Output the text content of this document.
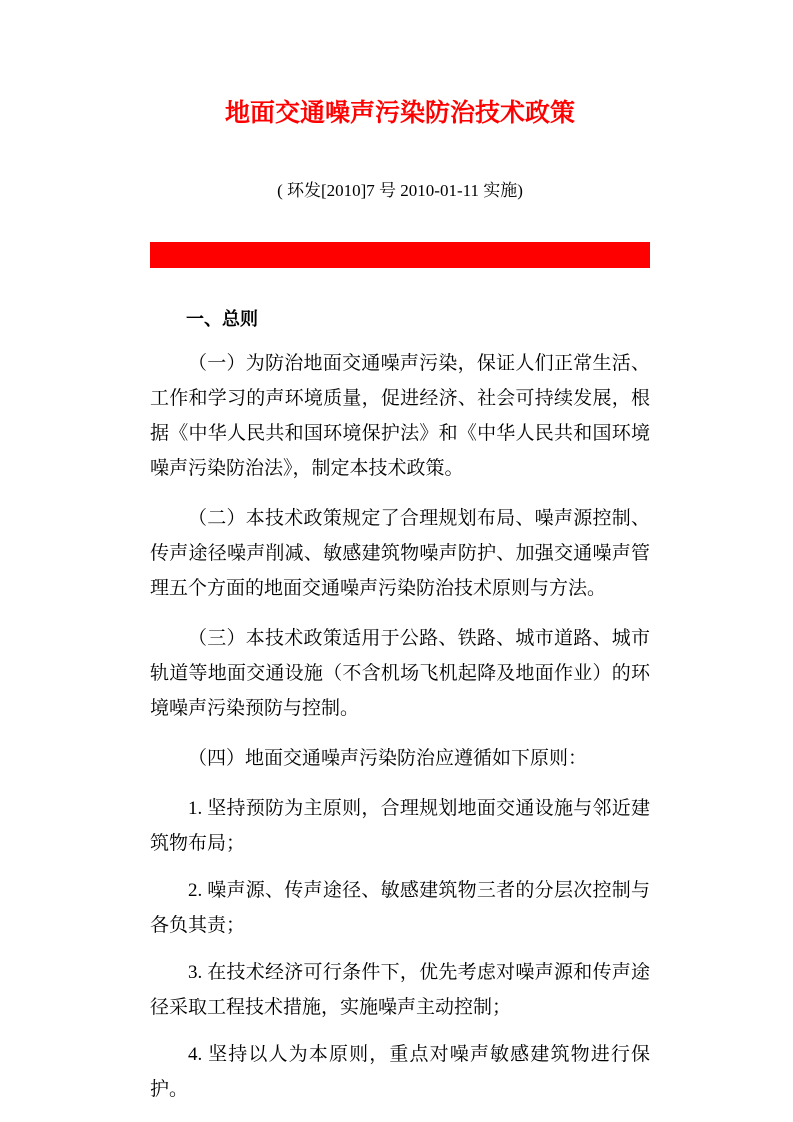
地面交通噪声污染防治技术政策
( 环发[2010]7 号 2010-01-11 实施)
一、总则

（一）为防治地面交通噪声污染，保证人们正常生活、工作和学习的声环境质量，促进经济、社会可持续发展，根据《中华人民共和国环境保护法》和《中华人民共和国环境噪声污染防治法》，制定本技术政策。

（二）本技术政策规定了合理规划布局、噪声源控制、传声途径噪声削减、敏感建筑物噪声防护、加强交通噪声管理五个方面的地面交通噪声污染防治技术原则与方法。

（三）本技术政策适用于公路、铁路、城市道路、城市轨道等地面交通设施（不含机场飞机起降及地面作业）的环境噪声污染预防与控制。

（四）地面交通噪声污染防治应遵循如下原则：

1. 坚持预防为主原则，合理规划地面交通设施与邻近建筑物布局；

2. 噪声源、传声途径、敏感建筑物三者的分层次控制与各负其责；

3. 在技术经济可行条件下，优先考虑对噪声源和传声途径采取工程技术措施，实施噪声主动控制；

4. 坚持以人为本原则，重点对噪声敏感建筑物进行保护。
